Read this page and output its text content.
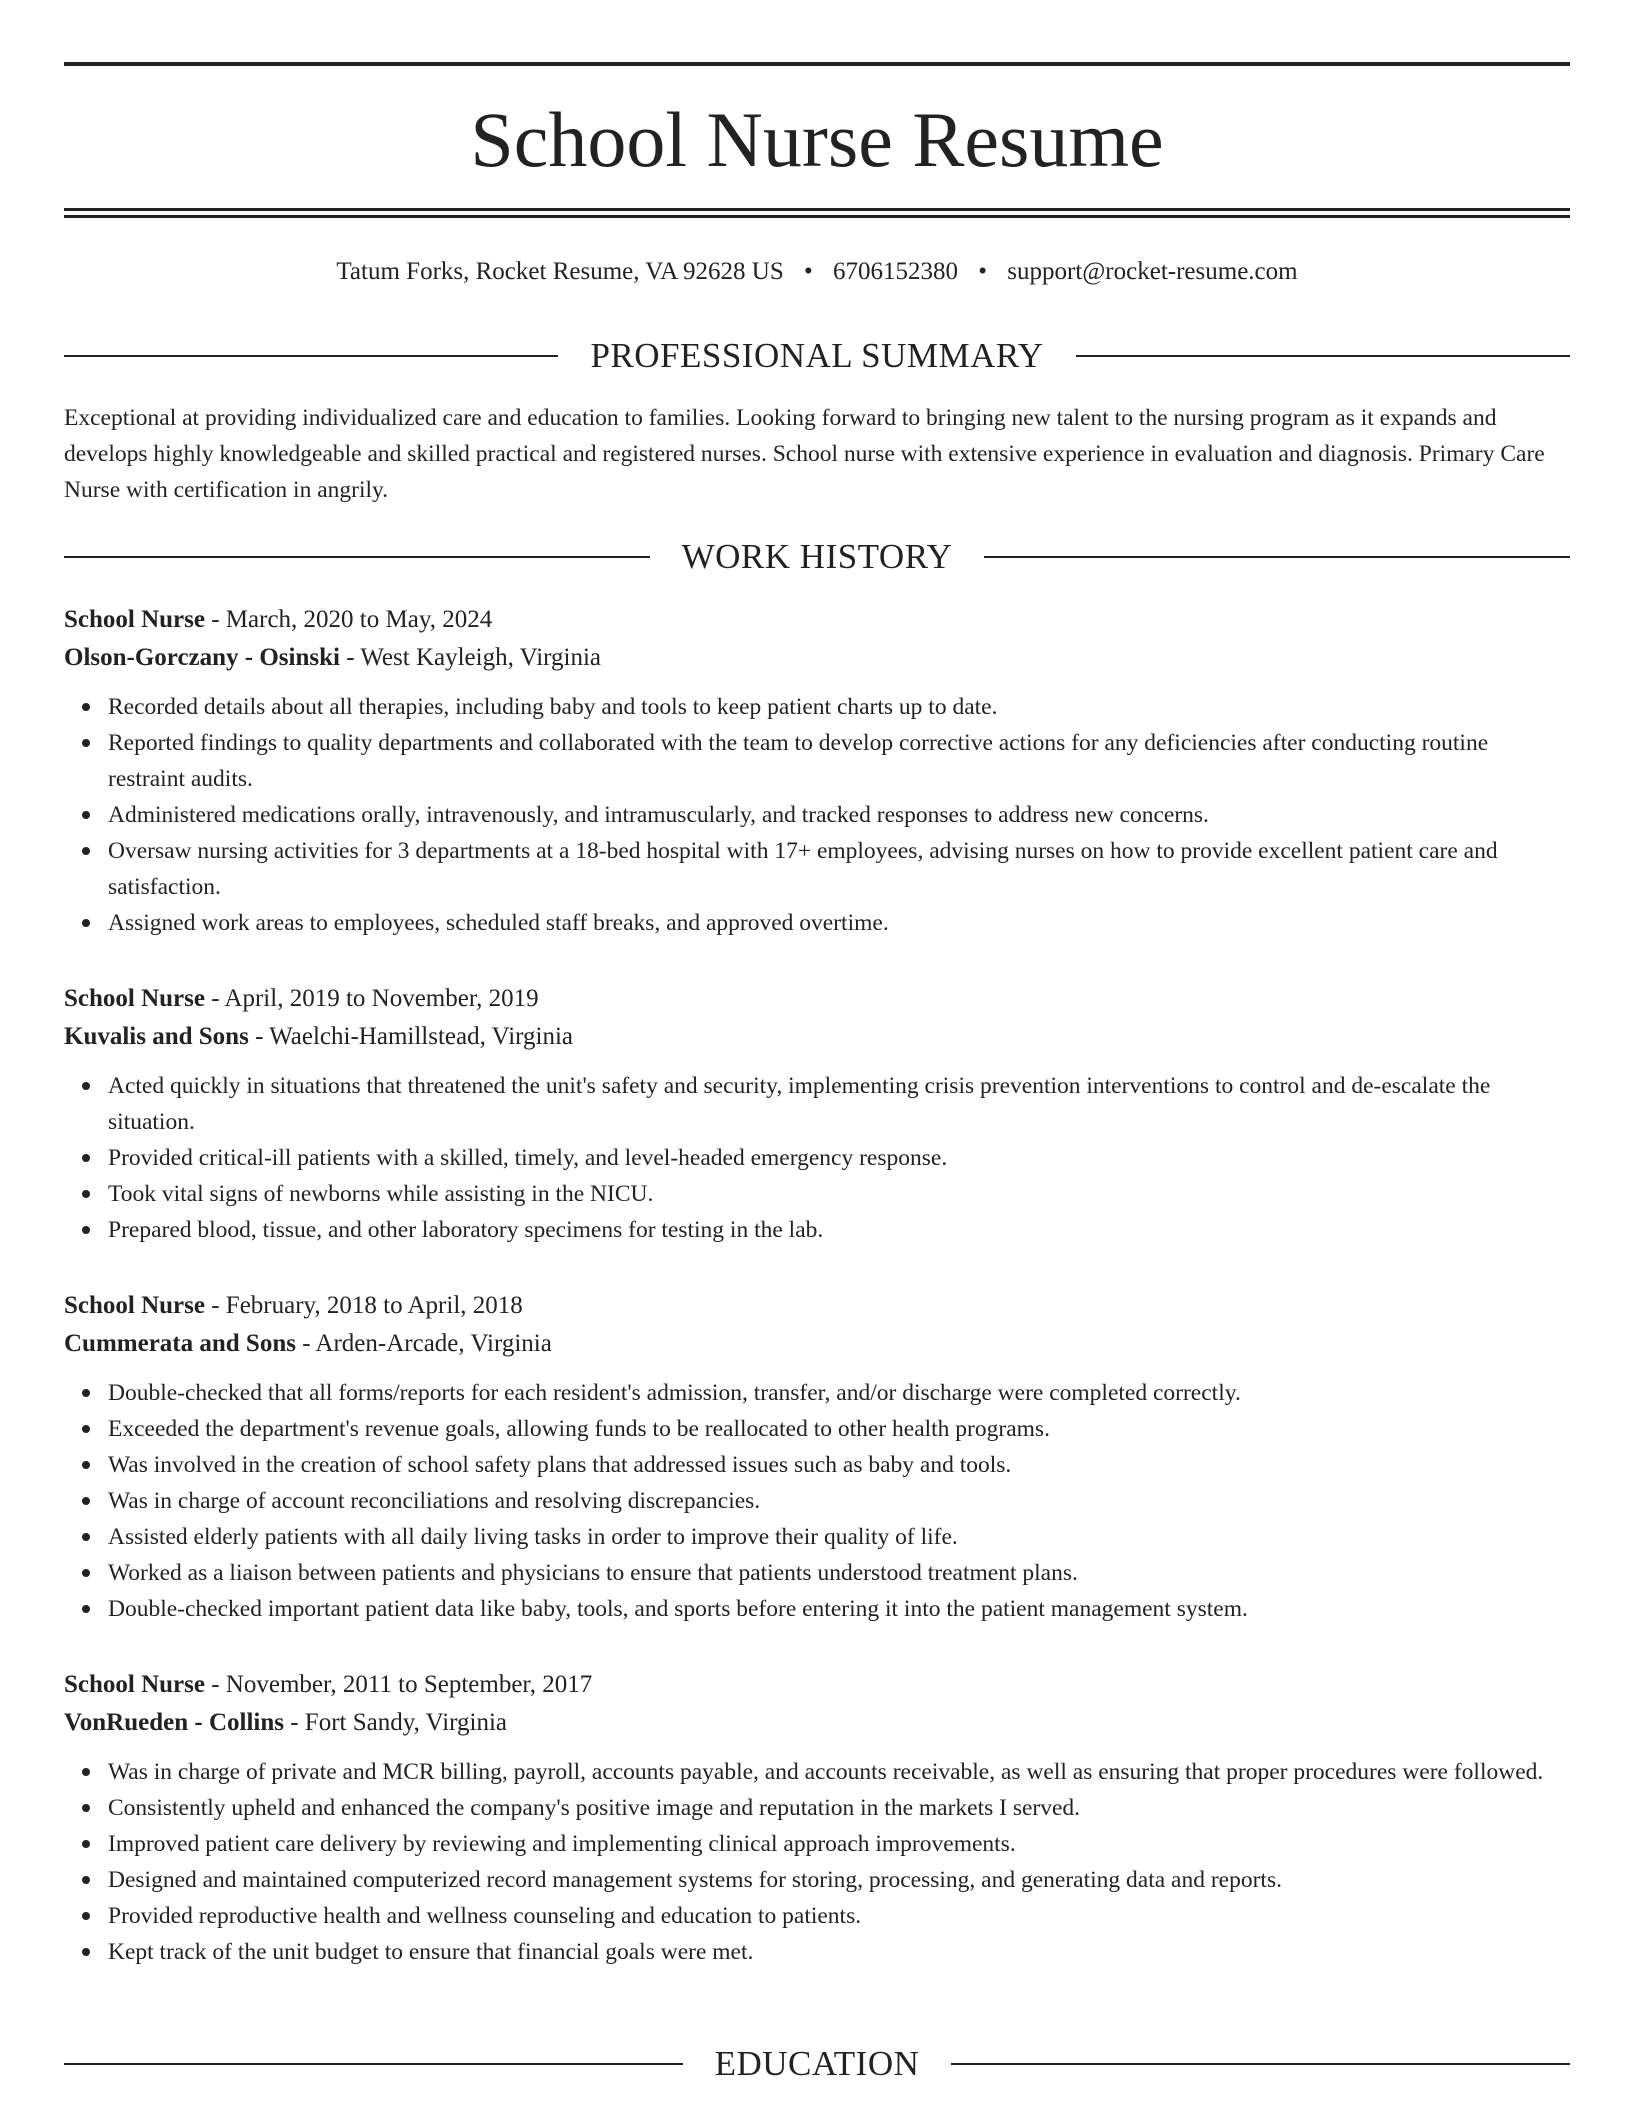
School Nurse Resume
Tatum Forks, Rocket Resume, VA 92628 US • 6706152380 • support@rocket-resume.com
PROFESSIONAL SUMMARY

Exceptional at providing individualized care and education to families. Looking forward to bringing new talent to the nursing program as it expands and develops highly knowledgeable and skilled practical and registered nurses. School nurse with extensive experience in evaluation and diagnosis. Primary Care Nurse with certification in angrily.

WORK HISTORY
School Nurse - March, 2020 to May, 2024
Olson-Gorczany - Osinski - West Kayleigh, Virginia
Recorded details about all therapies, including baby and tools to keep patient charts up to date.
Reported findings to quality departments and collaborated with the team to develop corrective actions for any deficiencies after conducting routine restraint audits.
Administered medications orally, intravenously, and intramuscularly, and tracked responses to address new concerns.
Oversaw nursing activities for 3 departments at a 18-bed hospital with 17+ employees, advising nurses on how to provide excellent patient care and satisfaction.
Assigned work areas to employees, scheduled staff breaks, and approved overtime.
School Nurse - April, 2019 to November, 2019
Kuvalis and Sons - Waelchi-Hamillstead, Virginia
Acted quickly in situations that threatened the unit's safety and security, implementing crisis prevention interventions to control and de-escalate the situation.
Provided critical-ill patients with a skilled, timely, and level-headed emergency response.
Took vital signs of newborns while assisting in the NICU.
Prepared blood, tissue, and other laboratory specimens for testing in the lab.
School Nurse - February, 2018 to April, 2018
Cummerata and Sons - Arden-Arcade, Virginia
Double-checked that all forms/reports for each resident's admission, transfer, and/or discharge were completed correctly.
Exceeded the department's revenue goals, allowing funds to be reallocated to other health programs.
Was involved in the creation of school safety plans that addressed issues such as baby and tools.
Was in charge of account reconciliations and resolving discrepancies.
Assisted elderly patients with all daily living tasks in order to improve their quality of life.
Worked as a liaison between patients and physicians to ensure that patients understood treatment plans.
Double-checked important patient data like baby, tools, and sports before entering it into the patient management system.
School Nurse - November, 2011 to September, 2017
VonRueden - Collins - Fort Sandy, Virginia
Was in charge of private and MCR billing, payroll, accounts payable, and accounts receivable, as well as ensuring that proper procedures were followed.
Consistently upheld and enhanced the company's positive image and reputation in the markets I served.
Improved patient care delivery by reviewing and implementing clinical approach improvements.
Designed and maintained computerized record management systems for storing, processing, and generating data and reports.
Provided reproductive health and wellness counseling and education to patients.
Kept track of the unit budget to ensure that financial goals were met.
EDUCATION
